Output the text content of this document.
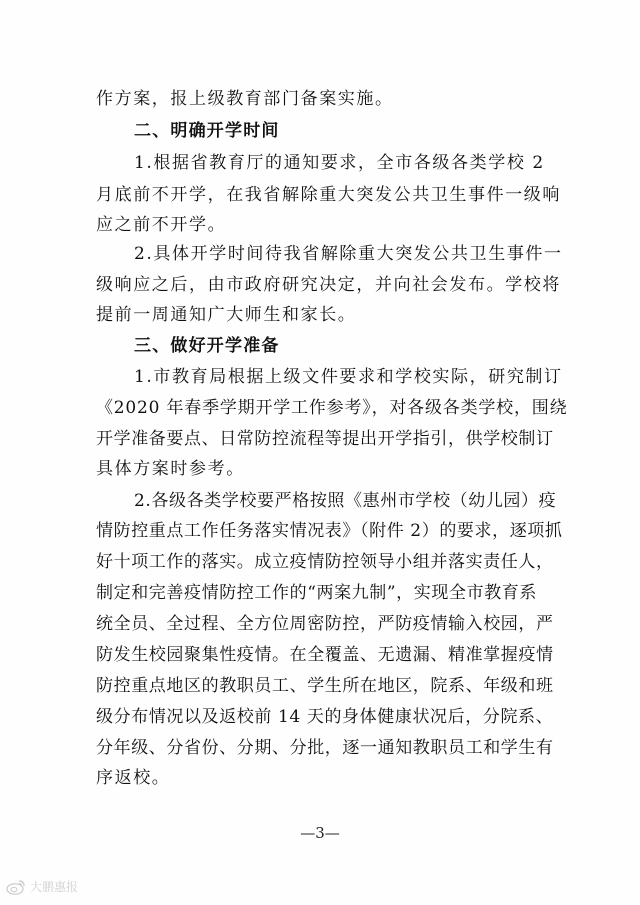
作方案，报上级教育部门备案实施。
二、明确开学时间
1.根据省教育厅的通知要求，全市各级各类学校 2
月底前不开学，在我省解除重大突发公共卫生事件一级响
应之前不开学。
2.具体开学时间待我省解除重大突发公共卫生事件一
级响应之后，由市政府研究决定，并向社会发布。学校将
提前一周通知广大师生和家长。
三、做好开学准备
1.市教育局根据上级文件要求和学校实际，研究制订
《2020 年春季学期开学工作参考》，对各级各类学校，围绕
开学准备要点、日常防控流程等提出开学指引，供学校制订
具体方案时参考。
2.各级各类学校要严格按照《惠州市学校（幼儿园）疫
情防控重点工作任务落实情况表》（附件 2）的要求，逐项抓
好十项工作的落实。成立疫情防控领导小组并落实责任人，
制定和完善疫情防控工作的“两案九制”，实现全市教育系
统全员、全过程、全方位周密防控，严防疫情输入校园，严
防发生校园聚集性疫情。在全覆盖、无遗漏、精准掌握疫情
防控重点地区的教职员工、学生所在地区，院系、年级和班
级分布情况以及返校前 14 天的身体健康状况后，分院系、
分年级、分省份、分期、分批，逐一通知教职员工和学生有
序返校。
—3—
大鹏惠报
